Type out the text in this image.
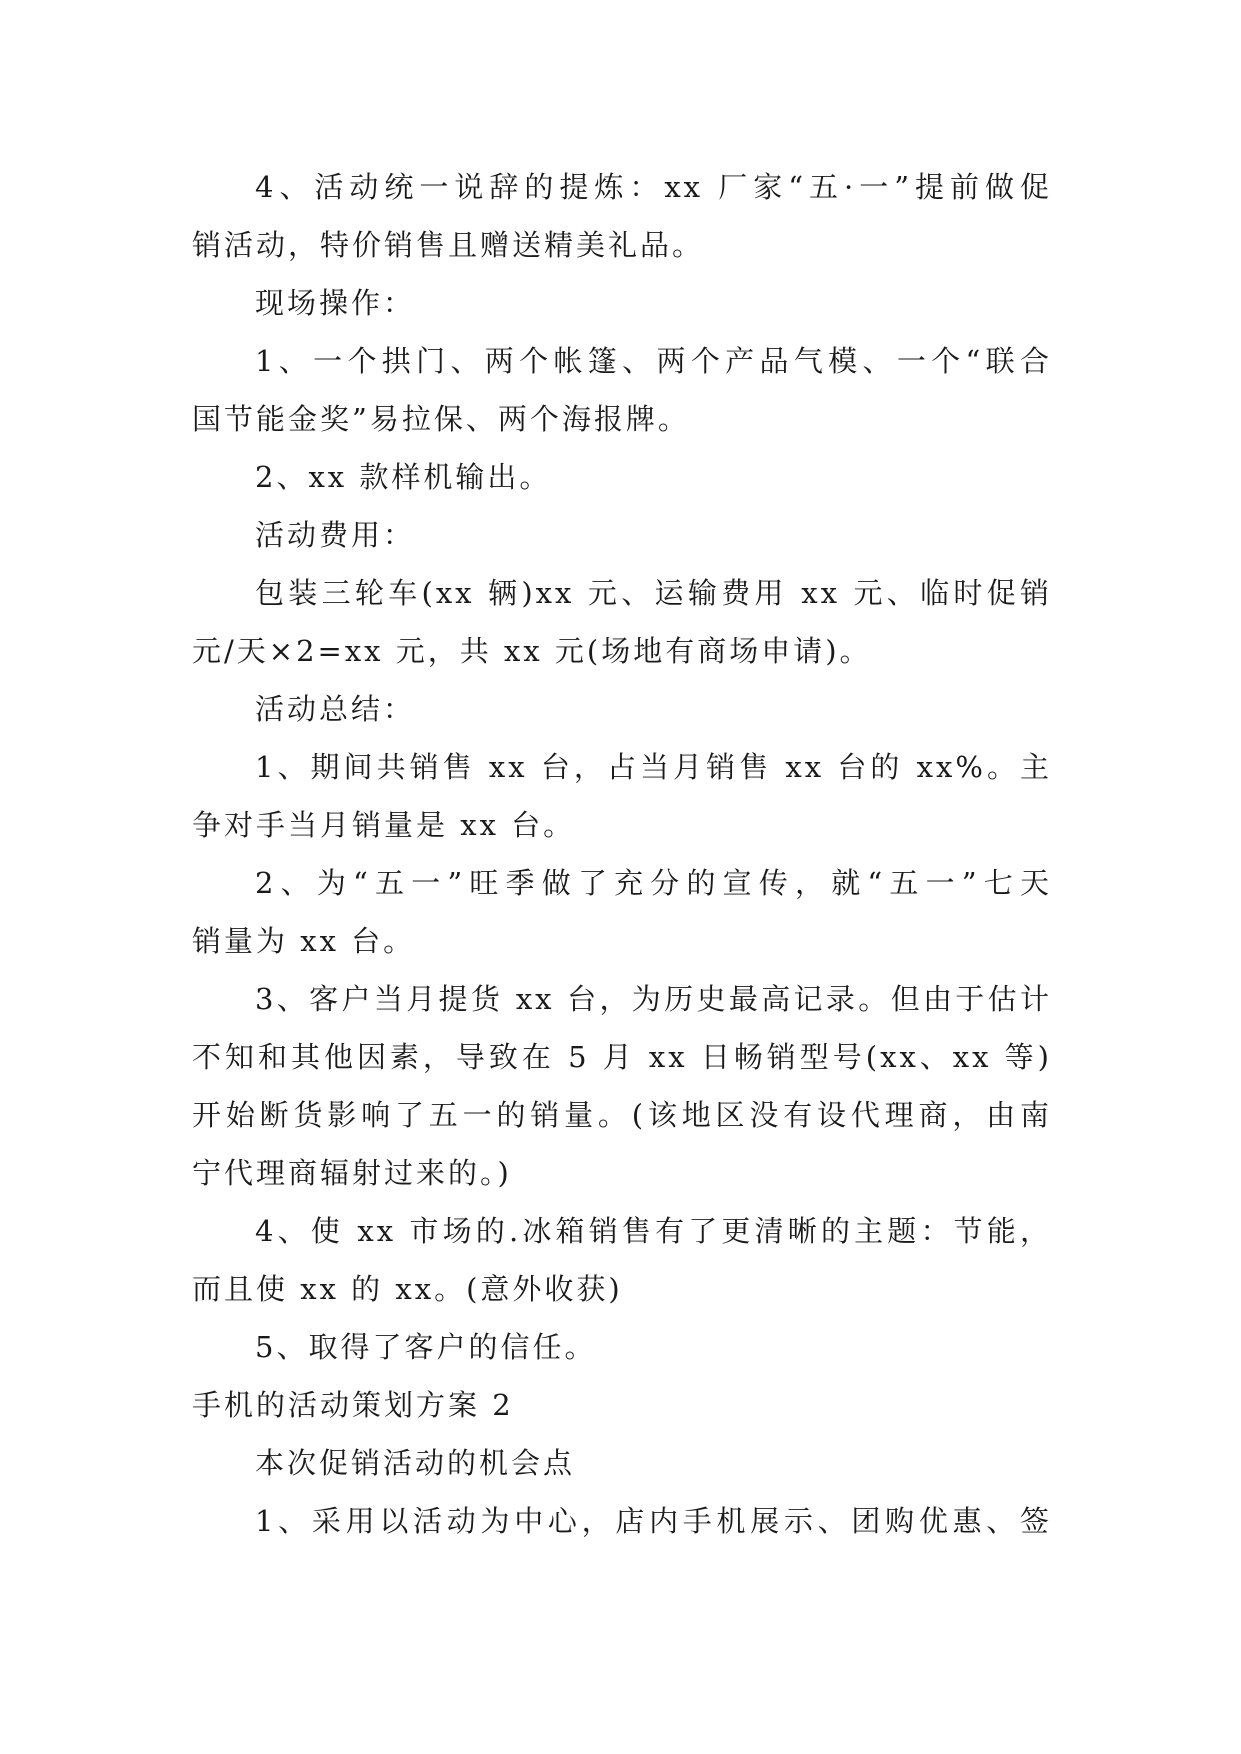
4、活动统一说辞的提炼：xx 厂家“五·一”提前做促
销活动，特价销售且赠送精美礼品。
现场操作：
1、一个拱门、两个帐篷、两个产品气模、一个“联合
国节能金奖”易拉保、两个海报牌。
2、xx 款样机输出。
活动费用：
包装三轮车(xx 辆)xx 元、运输费用 xx 元、临时促销
元/天×2=xx 元，共 xx 元(场地有商场申请)。
活动总结：
1、期间共销售 xx 台，占当月销售 xx 台的 xx%。主
争对手当月销量是 xx 台。
2、为“五一”旺季做了充分的宣传，就“五一”七天
销量为 xx 台。
3、客户当月提货 xx 台，为历史最高记录。但由于估计
不知和其他因素，导致在 5 月 xx 日畅销型号(xx、xx 等)
开始断货影响了五一的销量。(该地区没有设代理商，由南
宁代理商辐射过来的。)
4、使 xx 市场的.冰箱销售有了更清晰的主题：节能，
而且使 xx 的 xx。(意外收获)
5、取得了客户的信任。
手机的活动策划方案 2
本次促销活动的机会点
1、采用以活动为中心，店内手机展示、团购优惠、签
